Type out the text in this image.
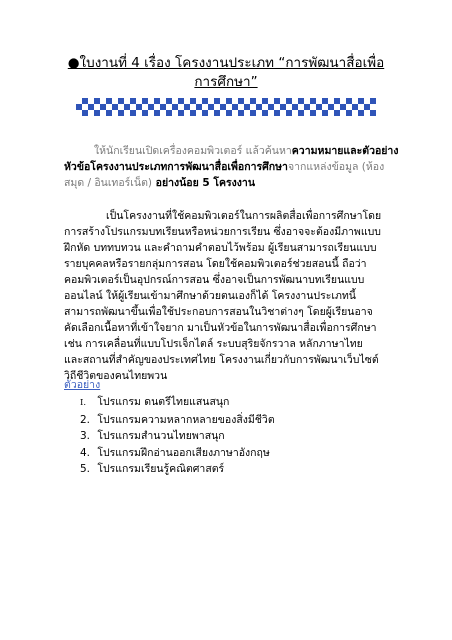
●ใบงานที่ 4 เรื่อง โครงงานประเภท “การพัฒนาสื่อเพื่อ
การศึกษา”
ให้นักเรียนเปิดเครื่องคอมพิวเตอร์ แล้วค้นหาความหมายและตัวอย่างหัวข้อโครงงานประเภทการพัฒนาสื่อเพื่อการศึกษาจากแหล่งข้อมูล (ห้องสมุด / อินเทอร์เน็ต) อย่างน้อย 5 โครงงาน
เป็นโครงงานที่ใช้คอมพิวเตอร์ในการผลิตสื่อเพื่อการศึกษาโดย
การสร้างโปรแกรมบทเรียนหรือหน่วยการเรียน ซึ่งอาจจะต้องมีภาพแบบ
ฝึกหัด บททบทวน และคำถามคำตอบไว้พร้อม ผู้เรียนสามารถเรียนแบบ
รายบุคคลหรือรายกลุ่มการสอน โดยใช้คอมพิวเตอร์ช่วยสอนนี้ ถือว่า
คอมพิวเตอร์เป็นอุปกรณ์การสอน ซึ่งอาจเป็นการพัฒนาบทเรียนแบบ
ออนไลน์ ให้ผู้เรียนเข้ามาศึกษาด้วยตนเองก็ได้ โครงงานประเภทนี้
สามารถพัฒนาขึ้นเพื่อใช้ประกอบการสอนในวิชาต่างๆ โดยผู้เรียนอาจ
คัดเลือกเนื้อหาที่เข้าใจยาก มาเป็นหัวข้อในการพัฒนาสื่อเพื่อการศึกษา
เช่น การเคลื่อนที่แบบโปรเจ็กไตล์ ระบบสุริยจักรวาล หลักภาษาไทย
และสถานที่สำคัญของประเทศไทย โครงงานเกี่ยวกับการพัฒนาเว็บไซต์
วิถีชีวิตของคนไทยพวน
ตัวอย่าง
I. โปรแกรม ดนตรีไทยแสนสนุก
2. โปรแกรมความหลากหลายของสิ่งมีชีวิต
3. โปรแกรมสำนวนไทยพาสนุก
4. โปรแกรมฝึกอ่านออกเสียงภาษาอังกฤษ
5. โปรแกรมเรียนรู้คณิตศาสตร์
